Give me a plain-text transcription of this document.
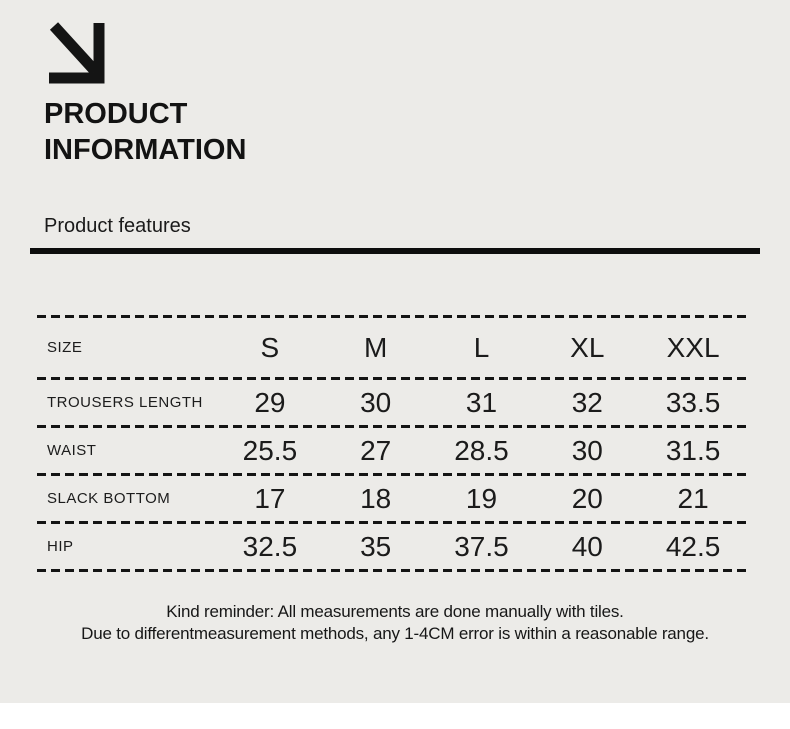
PRODUCT
INFORMATION
Product features
SIZE	S	M	L	XL	XXL
TROUSERS LENGTH	29	30	31	32	33.5
WAIST	25.5	27	28.5	30	31.5
SLACK BOTTOM	17	18	19	20	21
HIP	32.5	35	37.5	40	42.5
Kind reminder: All measurements are done manually with tiles.
Due to differentmeasurement methods, any 1-4CM error is within a reasonable range.
